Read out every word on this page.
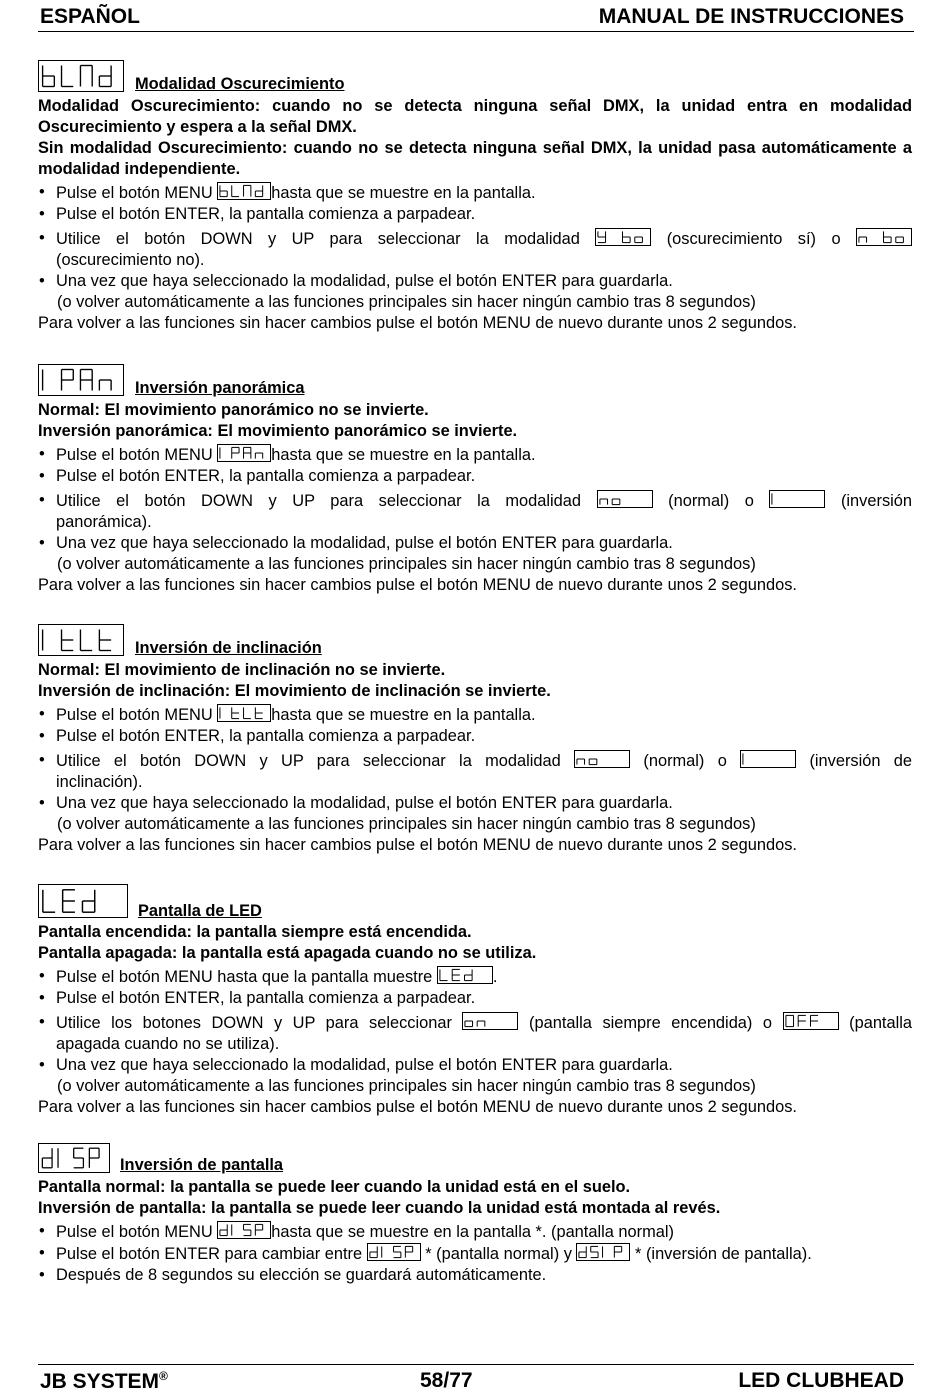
ESPAÑOL	MANUAL DE INSTRUCCIONES
Modalidad Oscurecimiento

Modalidad Oscurecimiento: cuando no se detecta ninguna señal DMX, la unidad entra en modalidad Oscurecimiento y espera a la señal DMX.

Sin modalidad Oscurecimiento: cuando no se detecta ninguna señal DMX, la unidad pasa automáticamente a modalidad independiente.

• Pulse el botón MENU	hasta que se muestre en la pantalla.
• Pulse el botón ENTER, la pantalla comienza a parpadear.
• Utilice el botón DOWN y UP para seleccionar la modalidad	(oscurecimiento sí) o
(oscurecimiento no).
• Una vez que haya seleccionado la modalidad, pulse el botón ENTER para guardarla.
(o volver automáticamente a las funciones principales sin hacer ningún cambio tras 8 segundos)

Para volver a las funciones sin hacer cambios pulse el botón MENU de nuevo durante unos 2 segundos.

Inversión panorámica

Normal: El movimiento panorámico no se invierte.

Inversión panorámica: El movimiento panorámico se invierte.

• Pulse el botón MENU	hasta que se muestre en la pantalla.
• Pulse el botón ENTER, la pantalla comienza a parpadear.
• Utilice el botón DOWN y UP para seleccionar la modalidad	(normal) o	(inversión
panorámica).
• Una vez que haya seleccionado la modalidad, pulse el botón ENTER para guardarla.
(o volver automáticamente a las funciones principales sin hacer ningún cambio tras 8 segundos)

Para volver a las funciones sin hacer cambios pulse el botón MENU de nuevo durante unos 2 segundos.

Inversión de inclinación

Normal: El movimiento de inclinación no se invierte.

Inversión de inclinación: El movimiento de inclinación se invierte.

• Pulse el botón MENU	hasta que se muestre en la pantalla.
• Pulse el botón ENTER, la pantalla comienza a parpadear.
• Utilice el botón DOWN y UP para seleccionar la modalidad	(normal) o	(inversión de
inclinación).
• Una vez que haya seleccionado la modalidad, pulse el botón ENTER para guardarla.
(o volver automáticamente a las funciones principales sin hacer ningún cambio tras 8 segundos)

Para volver a las funciones sin hacer cambios pulse el botón MENU de nuevo durante unos 2 segundos.

Pantalla de LED

Pantalla encendida: la pantalla siempre está encendida.

Pantalla apagada: la pantalla está apagada cuando no se utiliza.

• Pulse el botón MENU hasta que la pantalla muestre	.
• Pulse el botón ENTER, la pantalla comienza a parpadear.
• Utilice los botones DOWN y UP para seleccionar	(pantalla siempre encendida) o	(pantalla
apagada cuando no se utiliza).
• Una vez que haya seleccionado la modalidad, pulse el botón ENTER para guardarla.
(o volver automáticamente a las funciones principales sin hacer ningún cambio tras 8 segundos)

Para volver a las funciones sin hacer cambios pulse el botón MENU de nuevo durante unos 2 segundos.

Inversión de pantalla

Pantalla normal: la pantalla se puede leer cuando la unidad está en el suelo.

Inversión de pantalla: la pantalla se puede leer cuando la unidad está montada al revés.

• Pulse el botón MENU	hasta que se muestre en la pantalla *. (pantalla normal)
• Pulse el botón ENTER para cambiar entre	* (pantalla normal) y	* (inversión de pantalla).
• Después de 8 segundos su elección se guardará automáticamente.
JB SYSTEM®	58/77	LED CLUBHEAD
